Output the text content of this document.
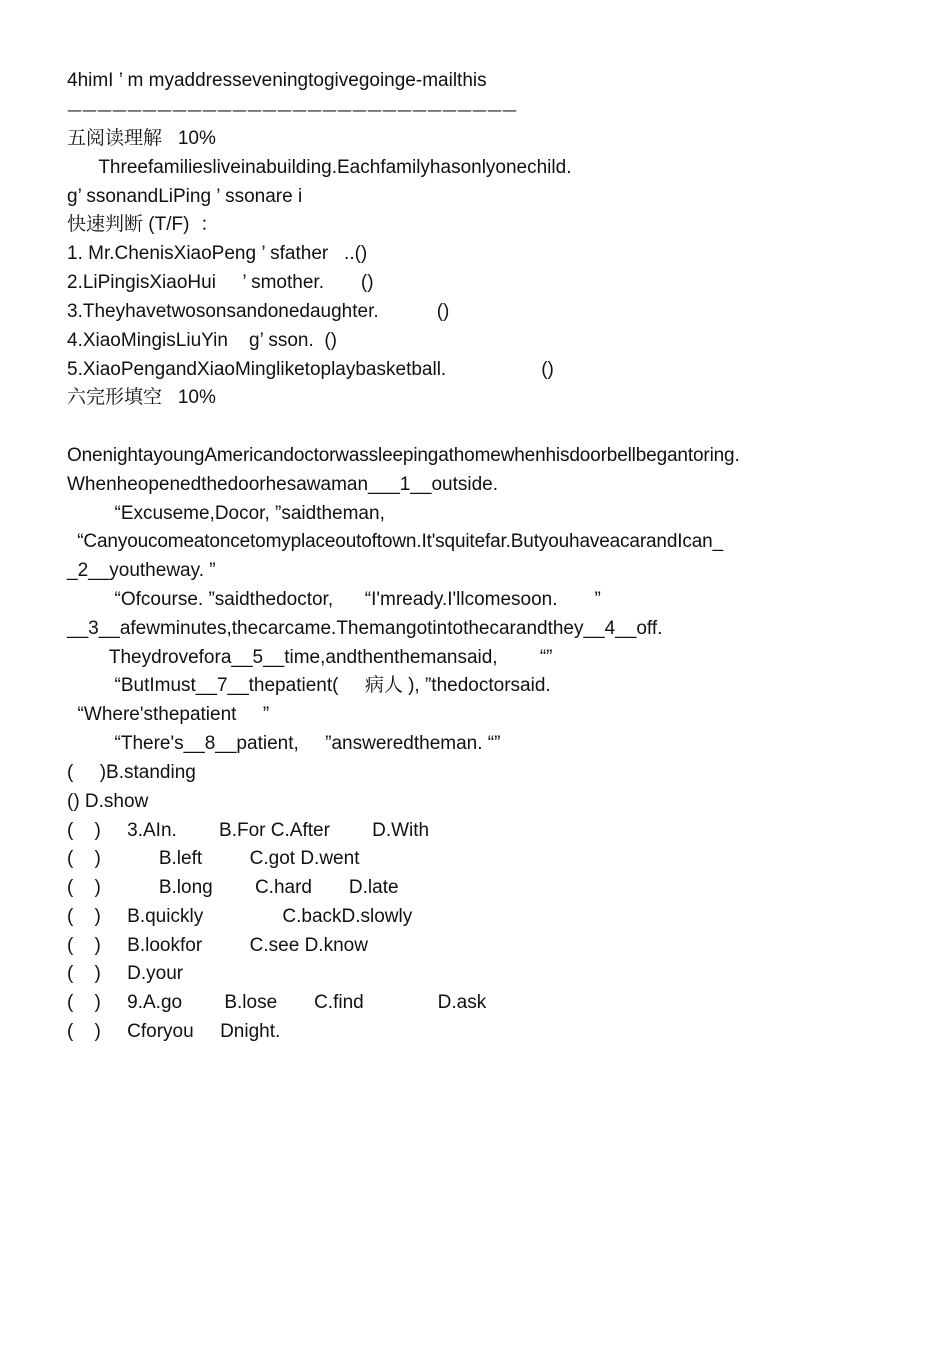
4himI ’ m myaddresseveningtogivegoinge-mailthis
——————————————————————————————
五阅读理解   10%
Threefamiliesliveinabuilding.Eachfamilyhasonlyonechild.
g’ ssonandLiPing ’ ssonare i
快速判断 (T/F)  ：
1. Mr.ChenisXiaoPeng ’ sfather   ..()
2.LiPingisXiaoHui     ’ smother.       ()
3.Theyhavetwosonsandonedaughter.           ()
4.XiaoMingisLiuYin    g’ sson.  ()
5.XiaoPengandXiaoMingliketoplaybasketball.                  ()
六完形填空   10%
OnenightayoungAmericandoctorwassleepingathomewhenhisdoorbellbegantoring.
Whenheopenedthedoorhesawaman___1__outside.
“Excuseme,Docor, ”saidtheman,
“Canyoucomeatoncetomyplaceoutoftown.It'squitefar.ButyouhaveacarandIcan_
_2__youtheway. ”
“Ofcourse. ”saidthedoctor,      “I'mready.I'llcomesoon.       ”
__3__afewminutes,thecarcame.Themangotintothecarandthey__4__off.
Theydrovefora__5__time,andthenthemansaid,        “”
“ButImust__7__thepatient(     病人 ), ”thedoctorsaid.
“Where'sthepatient     ”
“There's__8__patient,     ”answeredtheman. “”
(     )B.standing
() D.show
(    )     3.AIn.        B.For C.After        D.With
(    )           B.left         C.got D.went
(    )           B.long        C.hard       D.late
(    )     B.quickly               C.backD.slowly
(    )     B.lookfor         C.see D.know
(    )     D.your
(    )     9.A.go        B.lose       C.find              D.ask
(    )     Cforyou     Dnight.
